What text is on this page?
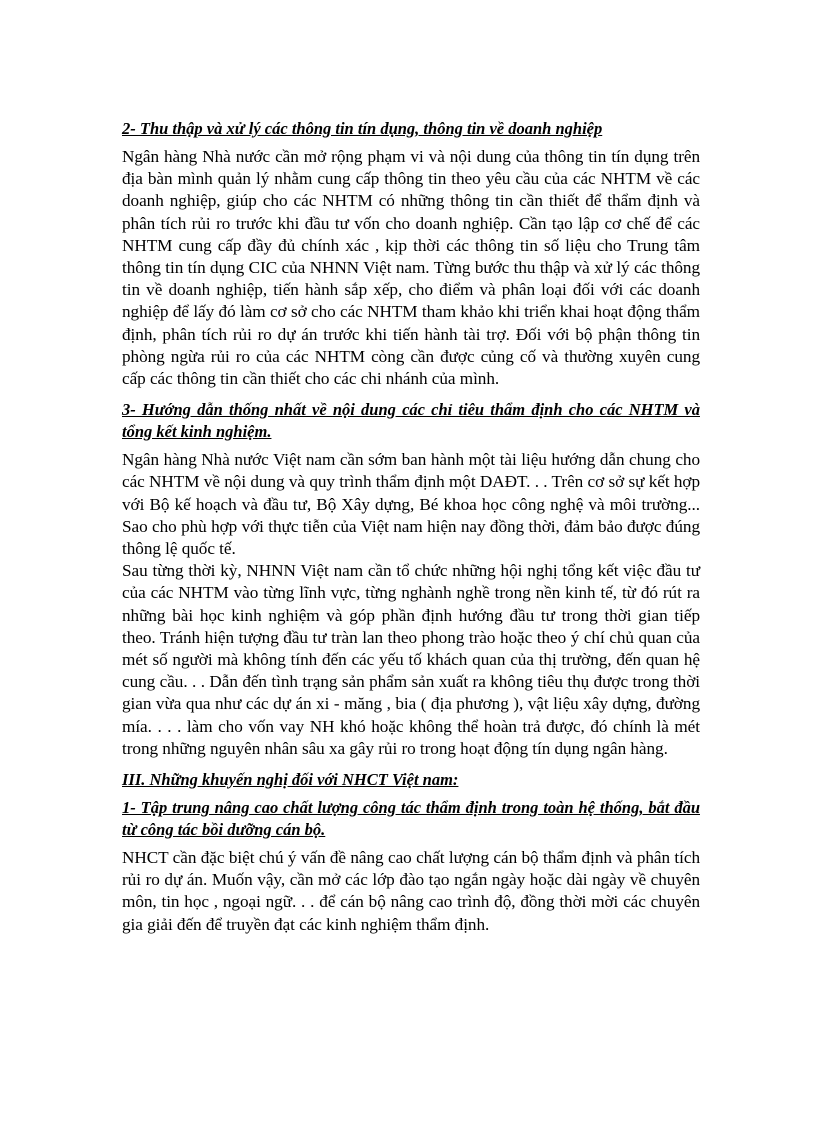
2- Thu thập và xử lý các thông tin tín dụng, thông tin về doanh nghiệp

Ngân hàng Nhà nước cần mở rộng phạm vi và nội dung của thông tin tín dụng trên địa bàn mình quản lý nhằm cung cấp thông tin theo yêu cầu của các NHTM về các doanh nghiệp, giúp cho các NHTM có những thông tin cần thiết để thẩm định và phân tích rủi ro trước khi đầu tư vốn cho doanh nghiệp. Cần tạo lập cơ chế để các NHTM cung cấp đầy đủ chính xác , kịp thời các thông tin số liệu cho Trung tâm thông tin tín dụng CIC của NHNN Việt nam. Từng bước thu thập và xử lý các thông tin về doanh nghiệp, tiến hành sắp xếp, cho điểm và phân loại đối với các doanh nghiệp để lấy đó làm cơ sở cho các NHTM tham khảo khi triển khai hoạt động thẩm định, phân tích rủi ro dự án trước khi tiến hành tài trợ. Đối với bộ phận thông tin phòng ngừa rủi ro của các NHTM còng cần được củng cố và thường xuyên cung cấp các thông tin cần thiết cho các chi nhánh của mình.

3- Hướng dẫn thống nhất về nội dung các chỉ tiêu thẩm định cho các NHTM và tổng kết kinh nghiệm.

Ngân hàng Nhà nước Việt nam cần sớm ban hành một tài liệu hướng dẫn chung cho các NHTM về nội dung và quy trình thẩm định một DAĐT. . . Trên cơ sở sự kết hợp với Bộ kế hoạch và đầu tư, Bộ Xây dựng, Bé khoa học công nghệ và môi trường... Sao cho phù hợp với thực tiễn của Việt nam hiện nay đồng thời, đảm bảo được đúng thông lệ quốc tế.

Sau từng thời kỳ, NHNN Việt nam cần tổ chức những hội nghị tổng kết việc đầu tư của các NHTM vào từng lĩnh vực, từng nghành nghề trong nền kinh tế, từ đó rút ra những bài học kinh nghiệm và góp phần định hướng đầu tư trong thời gian tiếp theo. Tránh hiện tượng đầu tư tràn lan theo phong trào hoặc theo ý chí chủ quan của mét số người mà không tính đến các yếu tố khách quan của thị trường, đến quan hệ cung cầu. . . Dẫn đến tình trạng sản phẩm sản xuất ra không tiêu thụ được trong thời gian vừa qua như các dự án xi - măng , bia ( địa phương ), vật liệu xây dựng, đường mía. . . . làm cho vốn vay NH khó hoặc không thể hoàn trả được, đó chính là mét trong những nguyên nhân sâu xa gây rủi ro trong hoạt động tín dụng ngân hàng.

III. Những khuyến nghị đối với NHCT Việt nam:
1- Tập trung nâng cao chất lượng công tác thẩm định trong toàn hệ thống, bắt đầu từ công tác bồi dưỡng cán bộ.

NHCT cần đặc biệt chú ý vấn đề nâng cao chất lượng cán bộ thẩm định và phân tích rủi ro dự án. Muốn vậy, cần mở các lớp đào tạo ngắn ngày hoặc dài ngày về chuyên môn, tin học , ngoại ngữ. . . để cán bộ nâng cao trình độ, đồng thời mời các chuyên gia giải đến để truyền đạt các kinh nghiệm thẩm định.
